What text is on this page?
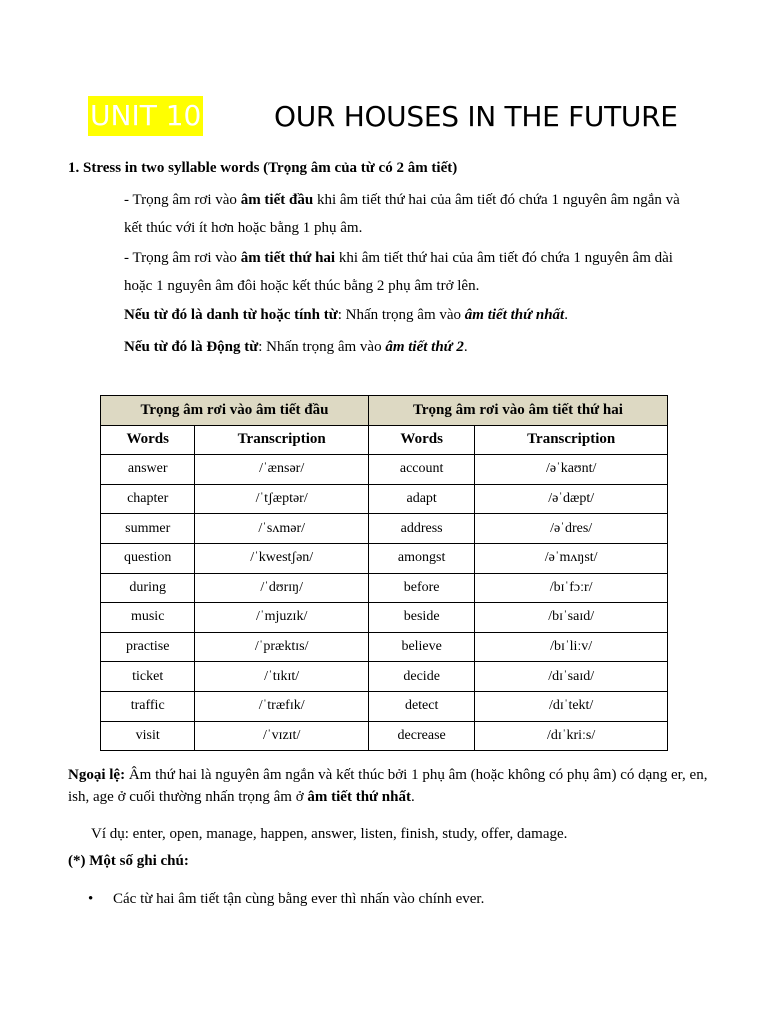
UNIT 10	OUR HOUSES IN THE FUTURE
1. Stress in two syllable words (Trọng âm của từ có 2 âm tiết)
- Trọng âm rơi vào âm tiết đầu khi âm tiết thứ hai của âm tiết đó chứa 1 nguyên âm ngắn và kết thúc với ít hơn hoặc bằng 1 phụ âm.
- Trọng âm rơi vào âm tiết thứ hai khi âm tiết thứ hai của âm tiết đó chứa 1 nguyên âm dài hoặc 1 nguyên âm đôi hoặc kết thúc bằng 2 phụ âm trở lên.
Nếu từ đó là danh từ hoặc tính từ: Nhấn trọng âm vào âm tiết thứ nhất.
Nếu từ đó là Động từ: Nhấn trọng âm vào âm tiết thứ 2.
Trọng âm rơi vào âm tiết đầu		Trọng âm rơi vào âm tiết thứ hai	
Words	Transcription	Words	Transcription
answer	/ˈænsər/	account	/əˈkaʊnt/
chapter	/ˈtʃæptər/	adapt	/əˈdæpt/
summer	/ˈsʌmər/	address	/əˈdres/
question	/ˈkwestʃən/	amongst	/əˈmʌŋst/
during	/ˈdʊrɪŋ/	before	/bɪˈfɔːr/
music	/ˈmjuzɪk/	beside	/bɪˈsaɪd/
practise	/ˈpræktɪs/	believe	/bɪˈliːv/
ticket	/ˈtɪkɪt/	decide	/dɪˈsaɪd/
traffic	/ˈtræfɪk/	detect	/dɪˈtekt/
visit	/ˈvɪzɪt/	decrease	/dɪˈkriːs/
Ngoại lệ: Âm thứ hai là nguyên âm ngắn và kết thúc bởi 1 phụ âm (hoặc không có phụ âm) có dạng er, en, ish, age ở cuối thường nhấn trọng âm ở âm tiết thứ nhất.
Ví dụ: enter, open, manage, happen, answer, listen, finish, study, offer, damage.
(*) Một số ghi chú:
• Các từ hai âm tiết tận cùng bằng ever thì nhấn vào chính ever.
